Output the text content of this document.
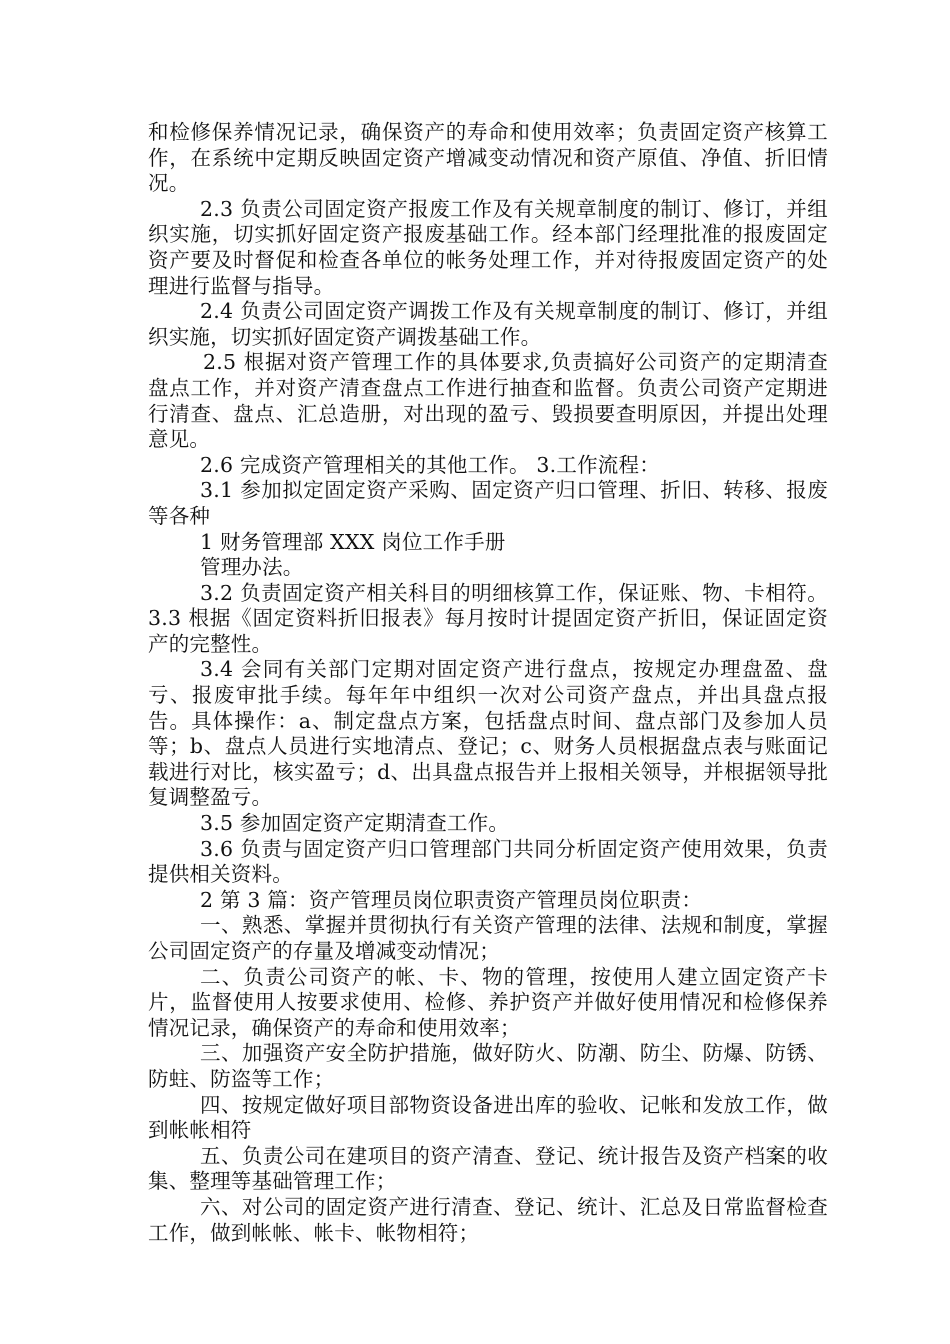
和检修保养情况记录，确保资产的寿命和使用效率；负责固定资产核算工作，在系统中定期反映固定资产增减变动情况和资产原值、净值、折旧情况。

2.3 负责公司固定资产报废工作及有关规章制度的制订、修订，并组织实施，切实抓好固定资产报废基础工作。经本部门经理批准的报废固定资产要及时督促和检查各单位的帐务处理工作，并对待报废固定资产的处理进行监督与指导。

2.4 负责公司固定资产调拨工作及有关规章制度的制订、修订，并组织实施，切实抓好固定资产调拨基础工作。

2.5 根据对资产管理工作的具体要求,负责搞好公司资产的定期清查盘点工作，并对资产清查盘点工作进行抽查和监督。负责公司资产定期进行清查、盘点、汇总造册，对出现的盈亏、毁损要查明原因，并提出处理意见。

2.6 完成资产管理相关的其他工作。 3.工作流程：

3.1 参加拟定固定资产采购、固定资产归口管理、折旧、转移、报废等各种

1 财务管理部 XXX 岗位工作手册

管理办法。

3.2 负责固定资产相关科目的明细核算工作，保证账、物、卡相符。 3.3 根据《固定资料折旧报表》每月按时计提固定资产折旧，保证固定资产的完整性。

3.4 会同有关部门定期对固定资产进行盘点，按规定办理盘盈、盘亏、报废审批手续。每年年中组织一次对公司资产盘点，并出具盘点报告。具体操作：a、制定盘点方案，包括盘点时间、盘点部门及参加人员等；b、盘点人员进行实地清点、登记；c、财务人员根据盘点表与账面记载进行对比，核实盈亏；d、出具盘点报告并上报相关领导，并根据领导批复调整盈亏。

3.5 参加固定资产定期清查工作。

3.6 负责与固定资产归口管理部门共同分析固定资产使用效果，负责提供相关资料。

2 第 3 篇：资产管理员岗位职责资产管理员岗位职责：

一、熟悉、掌握并贯彻执行有关资产管理的法律、法规和制度，掌握公司固定资产的存量及增减变动情况；

二、负责公司资产的帐、卡、物的管理，按使用人建立固定资产卡片，监督使用人按要求使用、检修、养护资产并做好使用情况和检修保养情况记录，确保资产的寿命和使用效率；

三、加强资产安全防护措施，做好防火、防潮、防尘、防爆、防锈、防蛀、防盗等工作；

四、按规定做好项目部物资设备进出库的验收、记帐和发放工作，做到帐帐相符

五、负责公司在建项目的资产清查、登记、统计报告及资产档案的收集、整理等基础管理工作；

六、对公司的固定资产进行清查、登记、统计、汇总及日常监督检查工作，做到帐帐、帐卡、帐物相符；
